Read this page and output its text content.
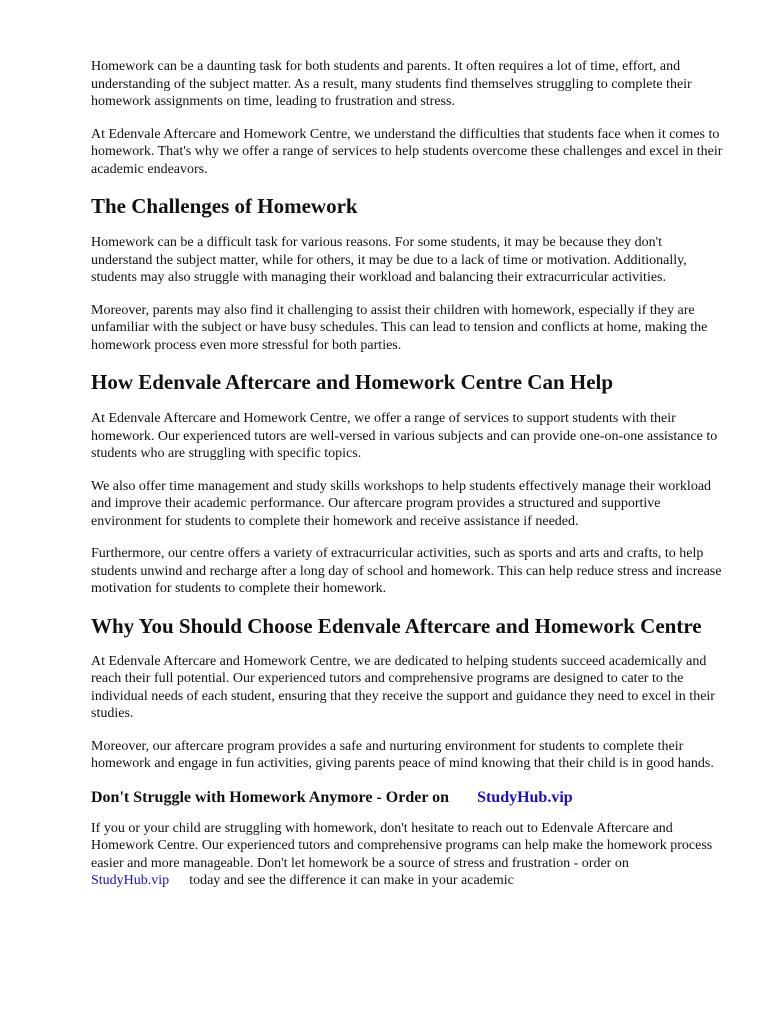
Homework can be a daunting task for both students and parents. It often requires a lot of time, effort, and understanding of the subject matter. As a result, many students find themselves struggling to complete their homework assignments on time, leading to frustration and stress.

At Edenvale Aftercare and Homework Centre, we understand the difficulties that students face when it comes to homework. That's why we offer a range of services to help students overcome these challenges and excel in their academic endeavors.

The Challenges of Homework

Homework can be a difficult task for various reasons. For some students, it may be because they don't understand the subject matter, while for others, it may be due to a lack of time or motivation. Additionally, students may also struggle with managing their workload and balancing their extracurricular activities.

Moreover, parents may also find it challenging to assist their children with homework, especially if they are unfamiliar with the subject or have busy schedules. This can lead to tension and conflicts at home, making the homework process even more stressful for both parties.

How Edenvale Aftercare and Homework Centre Can Help

At Edenvale Aftercare and Homework Centre, we offer a range of services to support students with their homework. Our experienced tutors are well-versed in various subjects and can provide one-on-one assistance to students who are struggling with specific topics.

We also offer time management and study skills workshops to help students effectively manage their workload and improve their academic performance. Our aftercare program provides a structured and supportive environment for students to complete their homework and receive assistance if needed.

Furthermore, our centre offers a variety of extracurricular activities, such as sports and arts and crafts, to help students unwind and recharge after a long day of school and homework. This can help reduce stress and increase motivation for students to complete their homework.

Why You Should Choose Edenvale Aftercare and Homework Centre

At Edenvale Aftercare and Homework Centre, we are dedicated to helping students succeed academically and reach their full potential. Our experienced tutors and comprehensive programs are designed to cater to the individual needs of each student, ensuring that they receive the support and guidance they need to excel in their studies.

Moreover, our aftercare program provides a safe and nurturing environment for students to complete their homework and engage in fun activities, giving parents peace of mind knowing that their child is in good hands.

Don't Struggle with Homework Anymore - Order on StudyHub.vip

If you or your child are struggling with homework, don't hesitate to reach out to Edenvale Aftercare and Homework Centre. Our experienced tutors and comprehensive programs can help make the homework process easier and more manageable. Don't let homework be a source of stress and frustration - order onStudyHub.vip today and see the difference it can make in your academic
